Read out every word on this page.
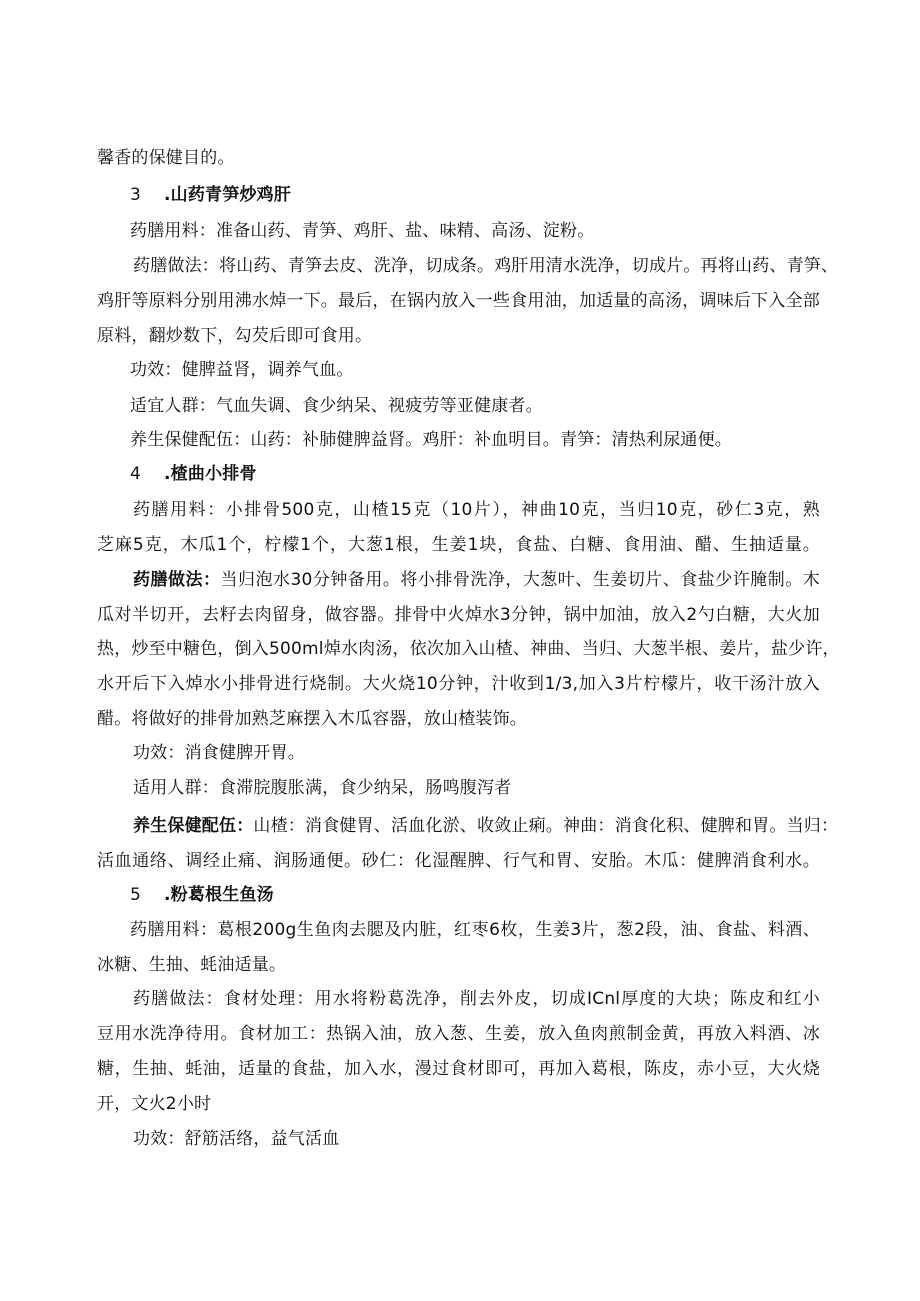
馨香的保健目的。
3 .山药青笋炒鸡肝
药膳用料：准备山药、青笋、鸡肝、盐、味精、高汤、淀粉。
药膳做法：将山药、青笋去皮、洗净，切成条。鸡肝用清水洗净，切成片。再将山药、青笋、
鸡肝等原料分别用沸水焯一下。最后，在锅内放入一些食用油，加适量的高汤，调味后下入全部
原料，翻炒数下，勾芡后即可食用。
功效：健脾益肾，调养气血。
适宜人群：气血失调、食少纳呆、视疲劳等亚健康者。
养生保健配伍：山药：补肺健脾益肾。鸡肝：补血明目。青笋：清热利尿通便。
4 .楂曲小排骨
药膳用料：小排骨500克，山楂15克（10片），神曲10克，当归10克，砂仁3克，熟
芝麻5克，木瓜1个，柠檬1个，大葱1根，生姜1块，食盐、白糖、食用油、醋、生抽适量。
药膳做法：当归泡水30分钟备用。将小排骨洗净，大葱叶、生姜切片、食盐少许腌制。木
瓜对半切开，去籽去肉留身，做容器。排骨中火焯水3分钟，锅中加油，放入2勺白糖，大火加
热，炒至中糖色，倒入500ml焯水肉汤，依次加入山楂、神曲、当归、大葱半根、姜片，盐少许，
水开后下入焯水小排骨进行烧制。大火烧10分钟，汁收到1/3,加入3片柠檬片，收干汤汁放入
醋。将做好的排骨加熟芝麻摆入木瓜容器，放山楂装饰。
功效：消食健脾开胃。
适用人群：食滞脘腹胀满，食少纳呆，肠鸣腹泻者
养生保健配伍：山楂：消食健胃、活血化淤、收敛止痢。神曲：消食化积、健脾和胃。当归：
活血通络、调经止痛、润肠通便。砂仁：化湿醒脾、行气和胃、安胎。木瓜：健脾消食利水。
5 .粉葛根生鱼汤
药膳用料：葛根200g生鱼肉去腮及内脏，红枣6枚，生姜3片，葱2段，油、食盐、料酒、
冰糖、生抽、蚝油适量。
药膳做法：食材处理：用水将粉葛洗净，削去外皮，切成ICnl厚度的大块；陈皮和红小
豆用水洗净待用。食材加工：热锅入油，放入葱、生姜，放入鱼肉煎制金黄，再放入料酒、冰
糖，生抽、蚝油，适量的食盐，加入水，漫过食材即可，再加入葛根，陈皮，赤小豆，大火烧
开，文火2小时
功效：舒筋活络，益气活血
